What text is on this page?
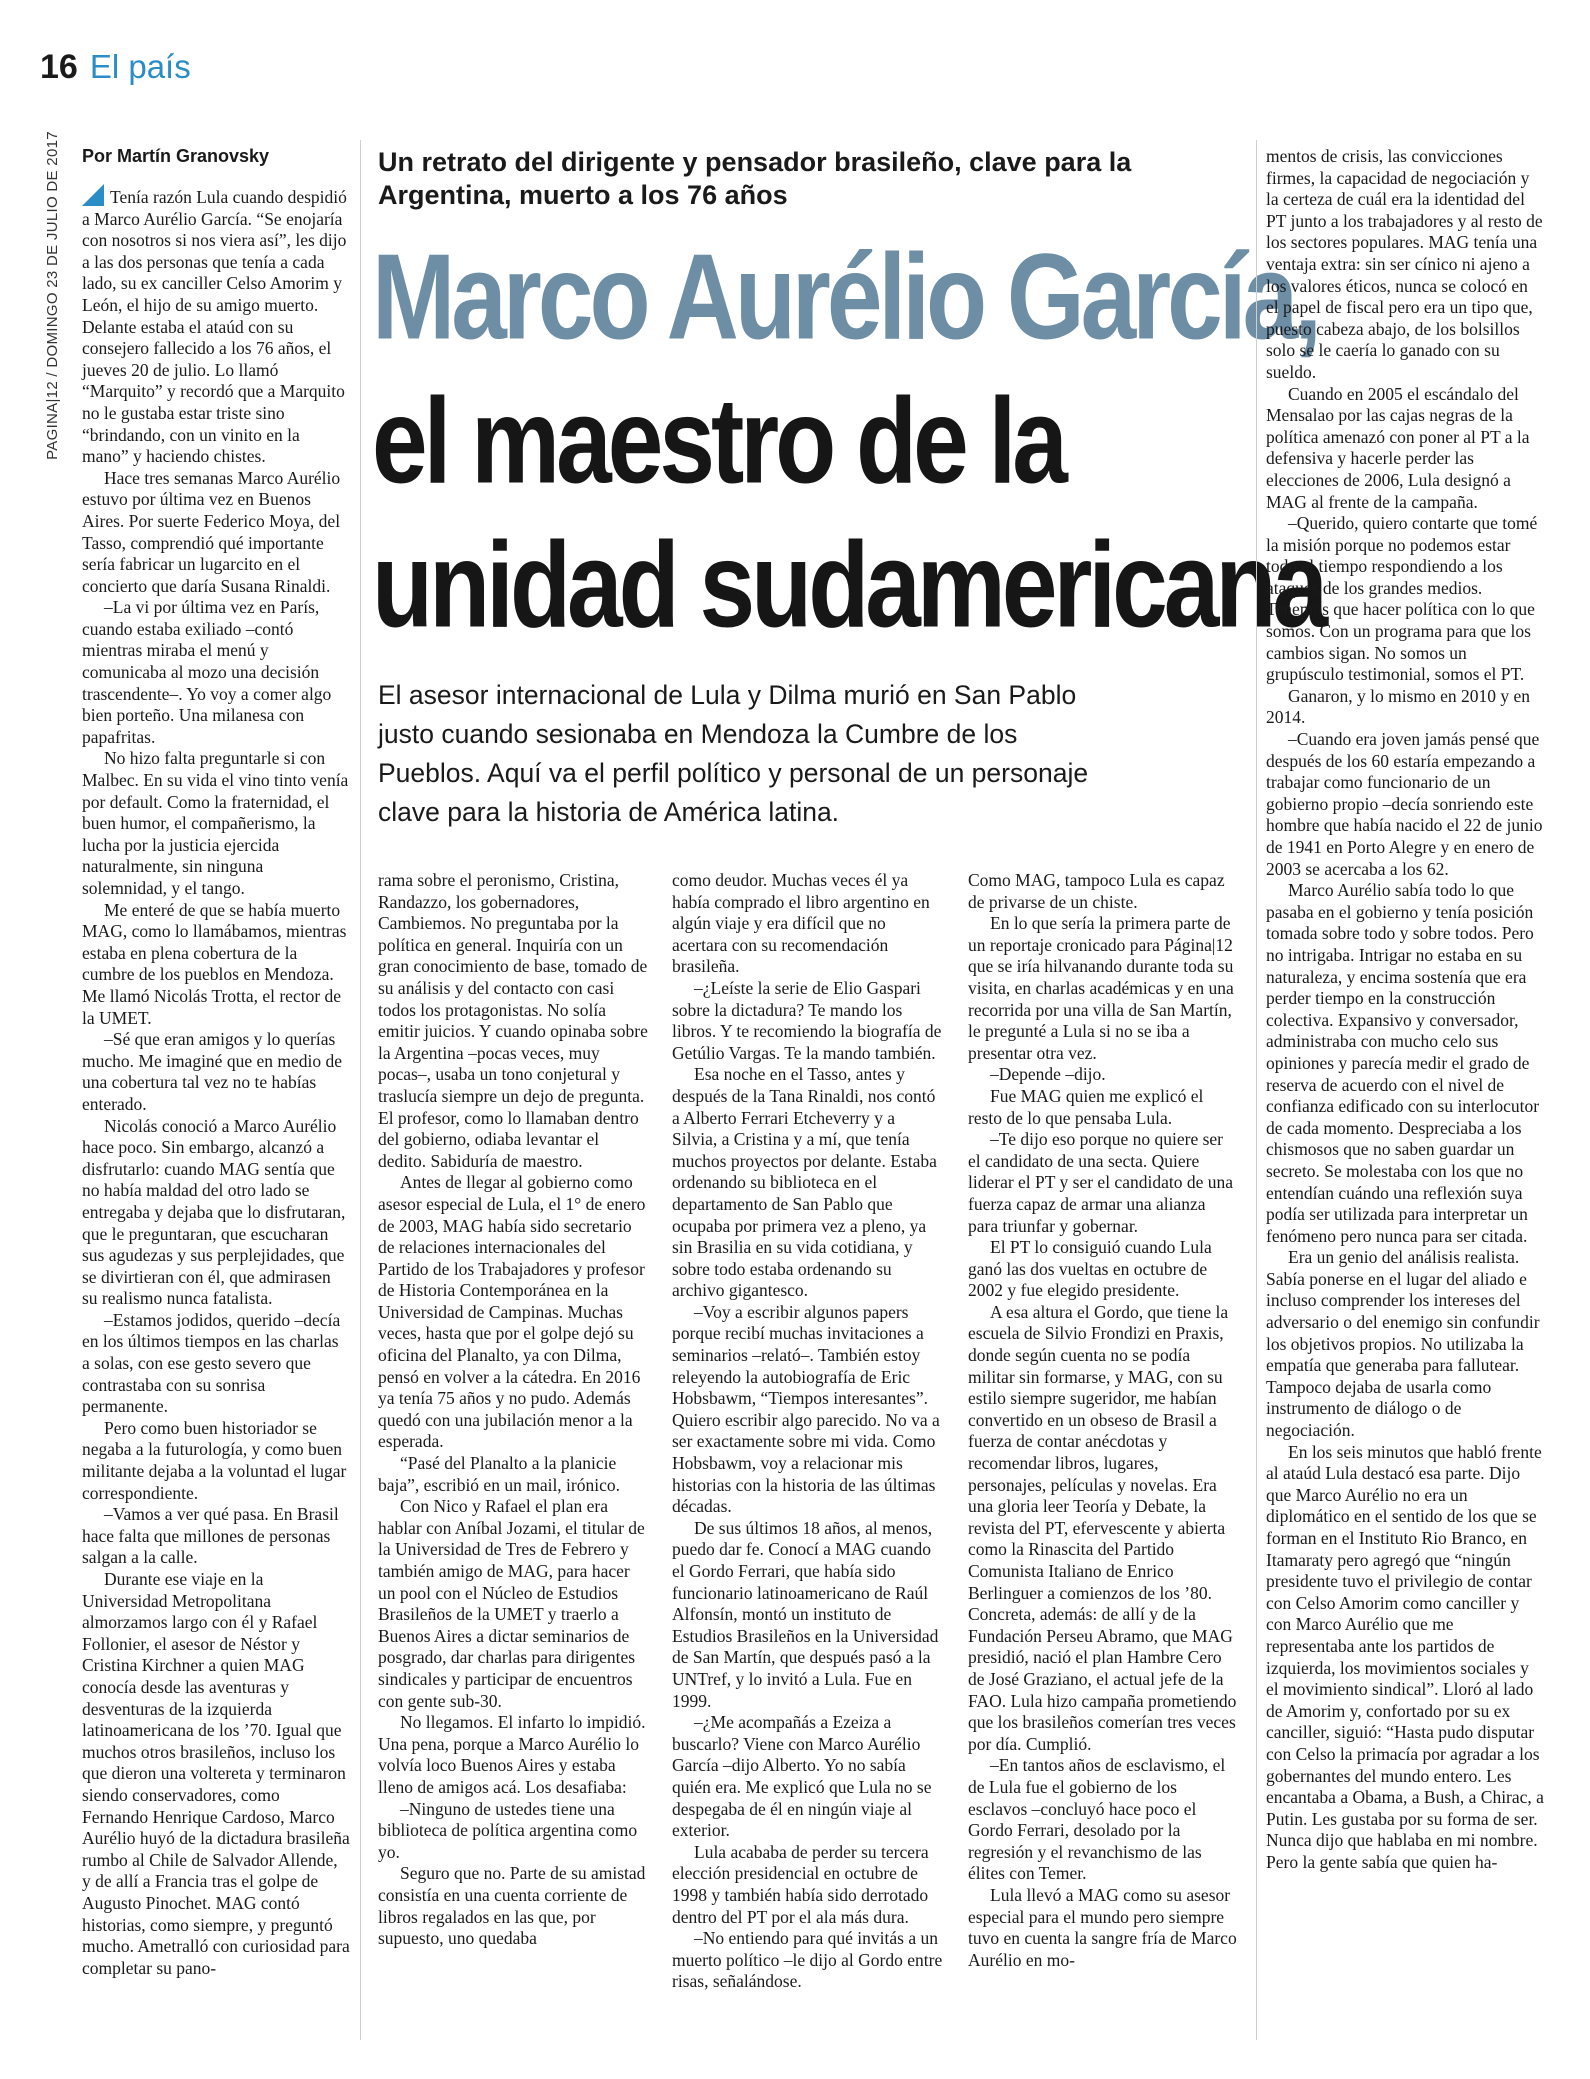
16 El país
PAGINA|12 / DOMINGO 23 DE JULIO DE 2017 Por Martín Granovsky	Un retrato del dirigente y pensador brasileño, clave para la Argentina, muerto a los 76 años
Marco Aurélio García,
el maestro de la
unidad sudamericana
El asesor internacional de Lula y Dilma murió en San Pablo justo cuando sesionaba en Mendoza la Cumbre de los Pueblos. Aquí va el perfil político y personal de un personaje clave para la historia de América latina.

Tenía razón Lula cuando despidió a Marco Aurélio García. “Se enojaría con nosotros si nos viera así”, les dijo a las dos personas que tenía a cada lado, su ex canciller Celso Amorim y León, el hijo de su amigo muerto. Delante estaba el ataúd con su consejero fallecido a los 76 años, el jueves 20 de julio. Lo llamó “Marquito” y recordó que a Marquito no le gustaba estar triste sino “brindando, con un vinito en la mano” y haciendo chistes.

Hace tres semanas Marco Aurélio estuvo por última vez en Buenos Aires. Por suerte Federico Moya, del Tasso, comprendió qué importante sería fabricar un lugarcito en el concierto que daría Susana Rinaldi.

–La vi por última vez en París, cuando estaba exiliado –contó mientras miraba el menú y comunicaba al mozo una decisión trascendente–. Yo voy a comer algo bien porteño. Una milanesa con papafritas.

No hizo falta preguntarle si con Malbec. En su vida el vino tinto venía por default. Como la fraternidad, el buen humor, el compañerismo, la lucha por la justicia ejercida naturalmente, sin ninguna solemnidad, y el tango.

Me enteré de que se había muerto MAG, como lo llamábamos, mientras estaba en plena cobertura de la cumbre de los pueblos en Mendoza. Me llamó Nicolás Trotta, el rector de la UMET.

–Sé que eran amigos y lo querías mucho. Me imaginé que en medio de una cobertura tal vez no te habías enterado.

Nicolás conoció a Marco Aurélio hace poco. Sin embargo, alcanzó a disfrutarlo: cuando MAG sentía que no había maldad del otro lado se entregaba y dejaba que lo disfrutaran, que le preguntaran, que escucharan sus agudezas y sus perplejidades, que se divirtieran con él, que admirasen su realismo nunca fatalista.

–Estamos jodidos, querido –decía en los últimos tiempos en las charlas a solas, con ese gesto severo que contrastaba con su sonrisa permanente.

Pero como buen historiador se negaba a la futurología, y como buen militante dejaba a la voluntad el lugar correspondiente.

–Vamos a ver qué pasa. En Brasil hace falta que millones de personas salgan a la calle.

Durante ese viaje en la Universidad Metropolitana almorzamos largo con él y Rafael Follonier, el asesor de Néstor y Cristina Kirchner a quien MAG conocía desde las aventuras y desventuras de la izquierda latinoamericana de los ’70. Igual que muchos otros brasileños, incluso los que dieron una voltereta y terminaron siendo conservadores, como Fernando Henrique Cardoso, Marco Aurélio huyó de la dictadura brasileña rumbo al Chile de Salvador Allende, y de allí a Francia tras el golpe de Augusto Pinochet. MAG contó historias, como siempre, y preguntó mucho. Ametralló con curiosidad para completar su pano-

rama sobre el peronismo, Cristina, Randazzo, los gobernadores, Cambiemos. No preguntaba por la política en general. Inquiría con un gran conocimiento de base, tomado de su análisis y del contacto con casi todos los protagonistas. No solía emitir juicios. Y cuando opinaba sobre la Argentina –pocas veces, muy pocas–, usaba un tono conjetural y traslucía siempre un dejo de pregunta. El profesor, como lo llamaban dentro del gobierno, odiaba levantar el dedito. Sabiduría de maestro.

Antes de llegar al gobierno como asesor especial de Lula, el 1° de enero de 2003, MAG había sido secretario de relaciones internacionales del Partido de los Trabajadores y profesor de Historia Contemporánea en la Universidad de Campinas. Muchas veces, hasta que por el golpe dejó su oficina del Planalto, ya con Dilma, pensó en volver a la cátedra. En 2016 ya tenía 75 años y no pudo. Además quedó con una jubilación menor a la esperada.

“Pasé del Planalto a la planicie baja”, escribió en un mail, irónico.

Con Nico y Rafael el plan era hablar con Aníbal Jozami, el titular de la Universidad de Tres de Febrero y también amigo de MAG, para hacer un pool con el Núcleo de Estudios Brasileños de la UMET y traerlo a Buenos Aires a dictar seminarios de posgrado, dar charlas para dirigentes sindicales y participar de encuentros con gente sub-30.

No llegamos. El infarto lo impidió. Una pena, porque a Marco Aurélio lo volvía loco Buenos Aires y estaba lleno de amigos acá. Los desafiaba:

–Ninguno de ustedes tiene una biblioteca de política argentina como yo.

Seguro que no. Parte de su amistad consistía en una cuenta corriente de libros regalados en las que, por supuesto, uno quedaba

como deudor. Muchas veces él ya había comprado el libro argentino en algún viaje y era difícil que no acertara con su recomendación brasileña.

–¿Leíste la serie de Elio Gaspari sobre la dictadura? Te mando los libros. Y te recomiendo la biografía de Getúlio Vargas. Te la mando también.

Esa noche en el Tasso, antes y después de la Tana Rinaldi, nos contó a Alberto Ferrari Etcheverry y a Silvia, a Cristina y a mí, que tenía muchos proyectos por delante. Estaba ordenando su biblioteca en el departamento de San Pablo que ocupaba por primera vez a pleno, ya sin Brasilia en su vida cotidiana, y sobre todo estaba ordenando su archivo gigantesco.

–Voy a escribir algunos papers porque recibí muchas invitaciones a seminarios –relató–. También estoy releyendo la autobiografía de Eric Hobsbawm, “Tiempos interesantes”. Quiero escribir algo parecido. No va a ser exactamente sobre mi vida. Como Hobsbawm, voy a relacionar mis historias con la historia de las últimas décadas.

De sus últimos 18 años, al menos, puedo dar fe. Conocí a MAG cuando el Gordo Ferrari, que había sido funcionario latinoamericano de Raúl Alfonsín, montó un instituto de Estudios Brasileños en la Universidad de San Martín, que después pasó a la UNTref, y lo invitó a Lula. Fue en 1999.

–¿Me acompañás a Ezeiza a buscarlo? Viene con Marco Aurélio García –dijo Alberto. Yo no sabía quién era. Me explicó que Lula no se despegaba de él en ningún viaje al exterior.

Lula acababa de perder su tercera elección presidencial en octubre de 1998 y también había sido derrotado dentro del PT por el ala más dura.

–No entiendo para qué invitás a un muerto político –le dijo al Gordo entre risas, señalándose.

Como MAG, tampoco Lula es capaz de privarse de un chiste.

En lo que sería la primera parte de un reportaje cronicado para Página|12 que se iría hilvanando durante toda su visita, en charlas académicas y en una recorrida por una villa de San Martín, le pregunté a Lula si no se iba a presentar otra vez.

–Depende –dijo.

Fue MAG quien me explicó el resto de lo que pensaba Lula.

–Te dijo eso porque no quiere ser el candidato de una secta. Quiere liderar el PT y ser el candidato de una fuerza capaz de armar una alianza para triunfar y gobernar.

El PT lo consiguió cuando Lula ganó las dos vueltas en octubre de 2002 y fue elegido presidente.

A esa altura el Gordo, que tiene la escuela de Silvio Frondizi en Praxis, donde según cuenta no se podía militar sin formarse, y MAG, con su estilo siempre sugeridor, me habían convertido en un obseso de Brasil a fuerza de contar anécdotas y recomendar libros, lugares, personajes, películas y novelas. Era una gloria leer Teoría y Debate, la revista del PT, efervescente y abierta como la Rinascita del Partido Comunista Italiano de Enrico Berlinguer a comienzos de los ’80. Concreta, además: de allí y de la Fundación Perseu Abramo, que MAG presidió, nació el plan Hambre Cero de José Graziano, el actual jefe de la FAO. Lula hizo campaña prometiendo que los brasileños comerían tres veces por día. Cumplió.

–En tantos años de esclavismo, el de Lula fue el gobierno de los esclavos –concluyó hace poco el Gordo Ferrari, desolado por la regresión y el revanchismo de las élites con Temer.

Lula llevó a MAG como su asesor especial para el mundo pero siempre tuvo en cuenta la sangre fría de Marco Aurélio en mo-

mentos de crisis, las convicciones firmes, la capacidad de negociación y la certeza de cuál era la identidad del PT junto a los trabajadores y al resto de los sectores populares. MAG tenía una ventaja extra: sin ser cínico ni ajeno a los valores éticos, nunca se colocó en el papel de fiscal pero era un tipo que, puesto cabeza abajo, de los bolsillos solo se le caería lo ganado con su sueldo.

Cuando en 2005 el escándalo del Mensalao por las cajas negras de la política amenazó con poner al PT a la defensiva y hacerle perder las elecciones de 2006, Lula designó a MAG al frente de la campaña.

–Querido, quiero contarte que tomé la misión porque no podemos estar todo el tiempo respondiendo a los ataques de los grandes medios. Tenemos que hacer política con lo que somos. Con un programa para que los cambios sigan. No somos un grupúsculo testimonial, somos el PT.

Ganaron, y lo mismo en 2010 y en 2014.

–Cuando era joven jamás pensé que después de los 60 estaría empezando a trabajar como funcionario de un gobierno propio –decía sonriendo este hombre que había nacido el 22 de junio de 1941 en Porto Alegre y en enero de 2003 se acercaba a los 62.

Marco Aurélio sabía todo lo que pasaba en el gobierno y tenía posición tomada sobre todo y sobre todos. Pero no intrigaba. Intrigar no estaba en su naturaleza, y encima sostenía que era perder tiempo en la construcción colectiva. Expansivo y conversador, administraba con mucho celo sus opiniones y parecía medir el grado de reserva de acuerdo con el nivel de confianza edificado con su interlocutor de cada momento. Despreciaba a los chismosos que no saben guardar un secreto. Se molestaba con los que no entendían cuándo una reflexión suya podía ser utilizada para interpretar un fenómeno pero nunca para ser citada.

Era un genio del análisis realista. Sabía ponerse en el lugar del aliado e incluso comprender los intereses del adversario o del enemigo sin confundir los objetivos propios. No utilizaba la empatía que generaba para fallutear. Tampoco dejaba de usarla como instrumento de diálogo o de negociación.

En los seis minutos que habló frente al ataúd Lula destacó esa parte. Dijo que Marco Aurélio no era un diplomático en el sentido de los que se forman en el Instituto Rio Branco, en Itamaraty pero agregó que “ningún presidente tuvo el privilegio de contar con Celso Amorim como canciller y con Marco Aurélio que me representaba ante los partidos de izquierda, los movimientos sociales y el movimiento sindical”. Lloró al lado de Amorim y, confortado por su ex canciller, siguió: “Hasta pudo disputar con Celso la primacía por agradar a los gobernantes del mundo entero. Les encantaba a Obama, a Bush, a Chirac, a Putin. Les gustaba por su forma de ser. Nunca dijo que hablaba en mi nombre. Pero la gente sabía que quien ha-
